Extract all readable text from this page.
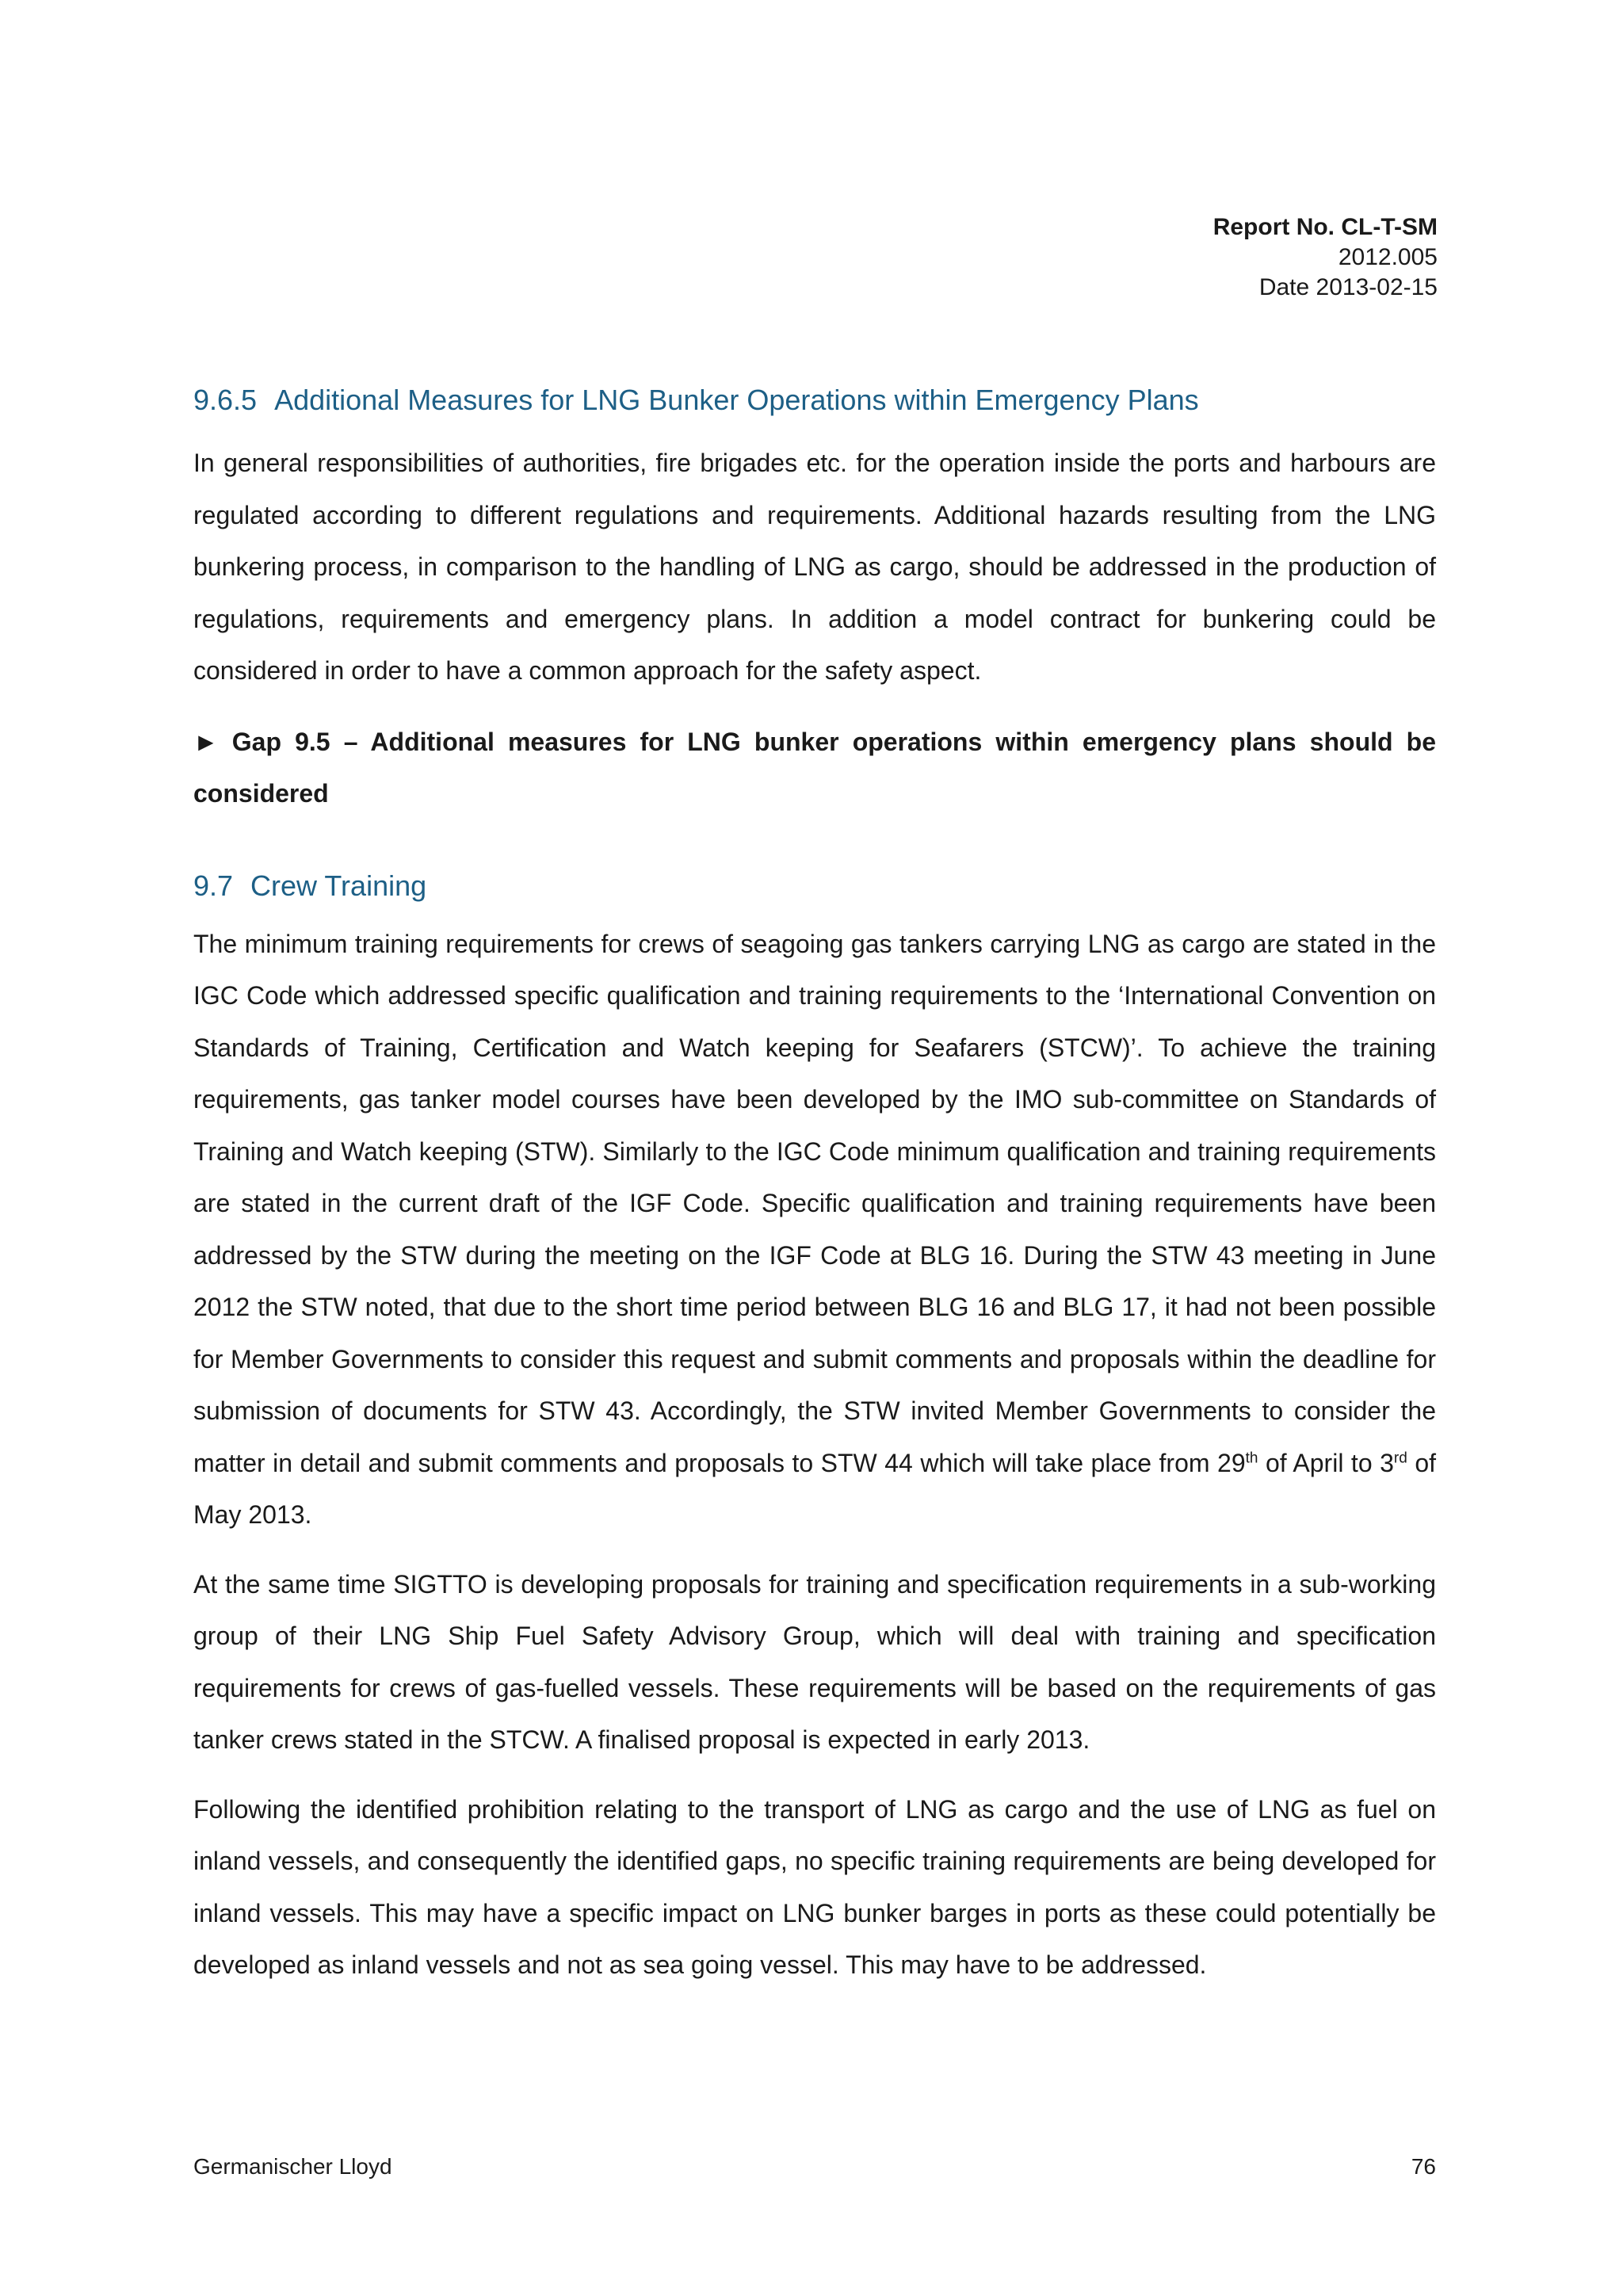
Report No. CL-T-SM
2012.005
Date 2013-02-15
9.6.5 Additional Measures for LNG Bunker Operations within Emergency Plans

In general responsibilities of authorities, fire brigades etc. for the operation inside the ports and harbours are regulated according to different regulations and requirements. Additional hazards resulting from the LNG bunkering process, in comparison to the handling of LNG as cargo, should be addressed in the production of regulations, requirements and emergency plans. In addition a model contract for bunkering could be considered in order to have a common approach for the safety aspect.

► Gap 9.5 – Additional measures for LNG bunker operations within emergency plans should be considered

9.7 Crew Training

The minimum training requirements for crews of seagoing gas tankers carrying LNG as cargo are stated in the IGC Code which addressed specific qualification and training requirements to the ‘International Convention on Standards of Training, Certification and Watch keeping for Seafarers (STCW)’. To achieve the training requirements, gas tanker model courses have been developed by the IMO sub-committee on Standards of Training and Watch keeping (STW). Similarly to the IGC Code minimum qualification and training requirements are stated in the current draft of the IGF Code. Specific qualification and training requirements have been addressed by the STW during the meeting on the IGF Code at BLG 16. During the STW 43 meeting in June 2012 the STW noted, that due to the short time period between BLG 16 and BLG 17, it had not been possible for Member Governments to consider this request and submit comments and proposals within the deadline for submission of documents for STW 43. Accordingly, the STW invited Member Governments to consider the matter in detail and submit comments and proposals to STW 44 which will take place from 29th of April to 3rd of May 2013.

At the same time SIGTTO is developing proposals for training and specification requirements in a sub-working group of their LNG Ship Fuel Safety Advisory Group, which will deal with training and specification requirements for crews of gas-fuelled vessels. These requirements will be based on the requirements of gas tanker crews stated in the STCW. A finalised proposal is expected in early 2013.

Following the identified prohibition relating to the transport of LNG as cargo and the use of LNG as fuel on inland vessels, and consequently the identified gaps, no specific training requirements are being developed for inland vessels. This may have a specific impact on LNG bunker barges in ports as these could potentially be developed as inland vessels and not as sea going vessel. This may have to be addressed.

Germanischer Lloyd	76
